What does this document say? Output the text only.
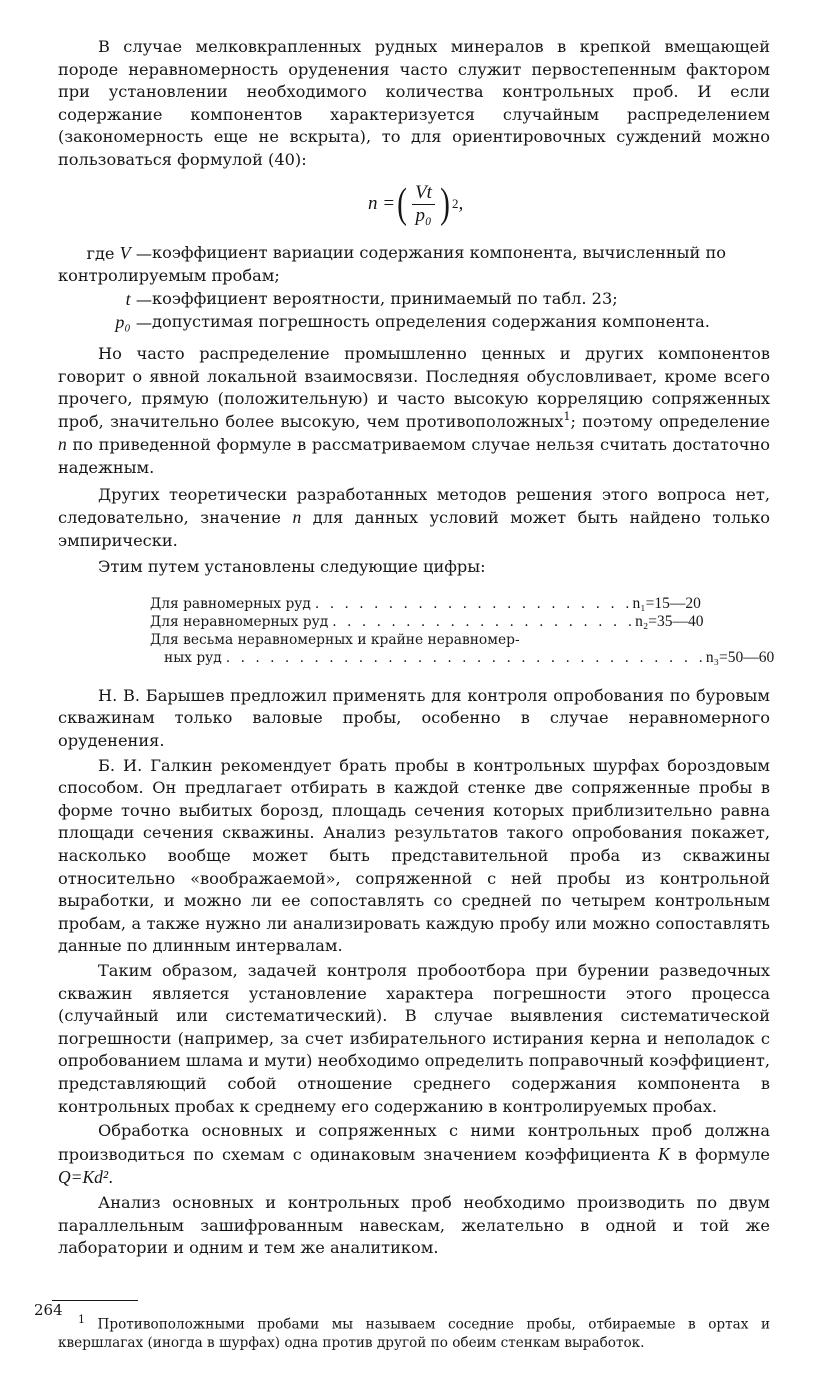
В случае мелковкрапленных рудных минералов в крепкой вмещающей породе неравномерность оруденения часто служит первостепенным фактором при установлении необходимого количества контрольных проб. И если содержание компонентов характеризуется случайным распределением (закономерность еще не вскрыта), то для ориентировочных суждений можно пользоваться формулой (40):

n = ( $\frac{Vt}{\text{p₀}}$ ) 2 ,
где V — коэффициент вариации содержания компонента, вычисленный по
контролируемым пробам;
t — коэффициент вероятности, принимаемый по табл. 23;
p₀ — допустимая погрешность определения содержания компонента.

Но часто распределение промышленно ценных и других компонентов говорит о явной локальной взаимосвязи. Последняя обусловливает, кроме всего прочего, прямую (положительную) и часто высокую корреляцию сопряженных проб, значительно более высокую, чем противоположных$^1$; поэтому определение n по приведенной формуле в рассматриваемом случае нельзя считать достаточно надежным.

Других теоретически разработанных методов решения этого вопроса нет, следовательно, значение n для данных условий может быть найдено только эмпирически.

Этим путем установлены следующие цифры:

Для равномерных руд . . . . . . . . . . . . . . . . . . . . . . n₁=15—20
Для неравномерных руд . . . . . . . . . . . . . . . . . . . . . n₂=35—40
Для весьма неравномерных и крайне неравномер-
ных руд . . . . . . . . . . . . . . . . . . . . . . . . . . . . . . . . . n₃=50—60

Н. В. Барышев предложил применять для контроля опробования по буровым скважинам только валовые пробы, особенно в случае неравномерного оруденения.

Б. И. Галкин рекомендует брать пробы в контрольных шурфах бороздовым способом. Он предлагает отбирать в каждой стенке две сопряженные пробы в форме точно выбитых борозд, площадь сечения которых приблизительно равна площади сечения скважины. Анализ результатов такого опробования покажет, насколько вообще может быть представительной проба из скважины относительно «воображаемой», сопряженной с ней пробы из контрольной выработки, и можно ли ее сопоставлять со средней по четырем контрольным пробам, а также нужно ли анализировать каждую пробу или можно сопоставлять данные по длинным интервалам.

Таким образом, задачей контроля пробоотбора при бурении разведочных скважин является установление характера погрешности этого процесса (случайный или систематический). В случае выявления систематической погрешности (например, за счет избирательного истирания керна и неполадок с опробованием шлама и мути) необходимо определить поправочный коэффициент, представляющий собой отношение среднего содержания компонента в контрольных пробах к среднему его содержанию в контролируемых пробах.

Обработка основных и сопряженных с ними контрольных проб должна производиться по схемам с одинаковым значением коэффициента K в формуле Q=Kd².

Анализ основных и контрольных проб необходимо производить по двум параллельным зашифрованным навескам, желательно в одной и той же лаборатории и одним и тем же аналитиком.

$^1$ Противоположными пробами мы называем соседние пробы, отбираемые в ортах и квершлагах (иногда в шурфах) одна против другой по обеим стенкам выработок.
264
